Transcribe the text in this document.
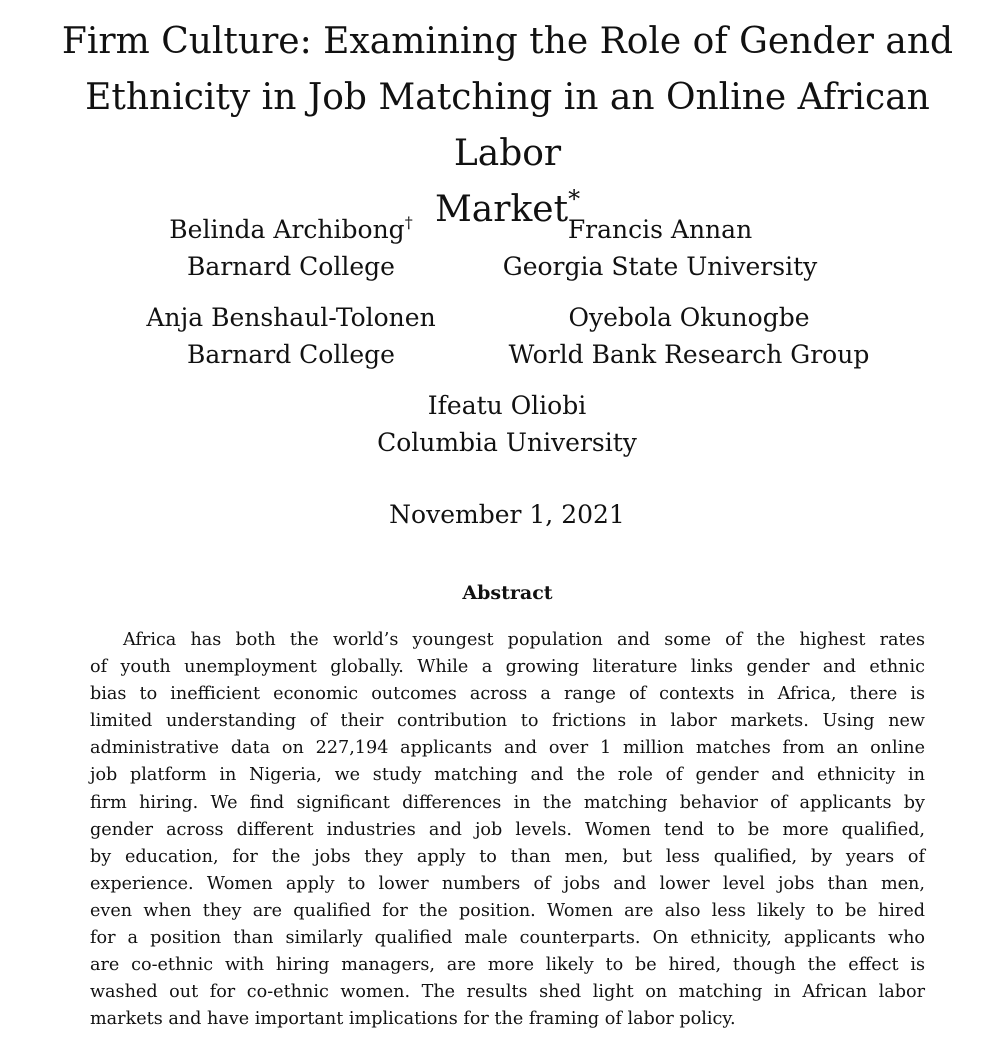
Firm Culture: Examining the Role of Gender and
Ethnicity in Job Matching in an Online African Labor
Market*
Belinda Archibong†
Barnard College
Francis Annan
Georgia State University
Anja Benshaul-Tolonen
Barnard College
Oyebola Okunogbe
World Bank Research Group
Ifeatu Oliobi
Columbia University
November 1, 2021
Abstract
Africa has both the world’s youngest population and some of the highest rates
of youth unemployment globally. While a growing literature links gender and ethnic
bias to inefficient economic outcomes across a range of contexts in Africa, there is
limited understanding of their contribution to frictions in labor markets. Using new
administrative data on 227,194 applicants and over 1 million matches from an online
job platform in Nigeria, we study matching and the role of gender and ethnicity in
firm hiring. We find significant differences in the matching behavior of applicants by
gender across different industries and job levels. Women tend to be more qualified,
by education, for the jobs they apply to than men, but less qualified, by years of
experience. Women apply to lower numbers of jobs and lower level jobs than men,
even when they are qualified for the position. Women are also less likely to be hired
for a position than similarly qualified male counterparts. On ethnicity, applicants who
are co-ethnic with hiring managers, are more likely to be hired, though the effect is
washed out for co-ethnic women. The results shed light on matching in African labor
markets and have important implications for the framing of labor policy.
